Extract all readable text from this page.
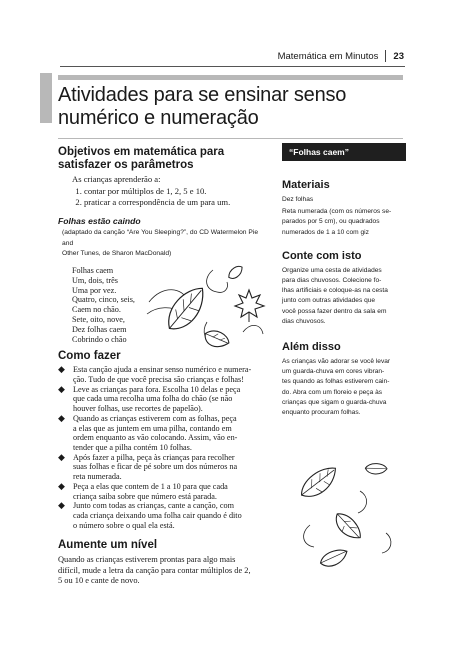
Matemática em Minutos 23
Atividades para se ensinar senso
numérico e numeração
Objetivos em matemática para
satisfazer os parâmetros
As crianças aprenderão a:
1. contar por múltiplos de 1, 2, 5 e 10.
2. praticar a correspondência de um para um.
Folhas estão caindo
(adaptado da canção “Are You Sleeping?”, do CD Watermelon Pie and
Other Tunes, de Sharon MacDonald)
Folhas caem
Um, dois, três
Uma por vez.
Quatro, cinco, seis,
Caem no chão.
Sete, oito, nove,
Dez folhas caem
Cobrindo o chão
Como fazer
◆ Esta canção ajuda a ensinar senso numérico e numera-
ção. Tudo de que você precisa são crianças e folhas!
◆ Leve as crianças para fora. Escolha 10 delas e peça
que cada uma recolha uma folha do chão (se não
houver folhas, use recortes de papelão).
◆ Quando as crianças estiverem com as folhas, peça
a elas que as juntem em uma pilha, contando em
ordem enquanto as vão colocando. Assim, vão en-
tender que a pilha contém 10 folhas.
◆ Após fazer a pilha, peça às crianças para recolher
suas folhas e ficar de pé sobre um dos números na
reta numerada.
◆ Peça a elas que contem de 1 a 10 para que cada
criança saiba sobre que número está parada.
◆ Junto com todas as crianças, cante a canção, com
cada criança deixando uma folha cair quando é dito
o número sobre o qual ela está.
Aumente um nível
Quando as crianças estiverem prontas para algo mais
difícil, mude a letra da canção para contar múltiplos de 2,
5 ou 10 e cante de novo.
“Folhas caem”
Materiais
Dez folhas
Reta numerada (com os números se-
parados por 5 cm), ou quadrados
numerados de 1 a 10 com giz
Conte com isto
Organize uma cesta de atividades
para dias chuvosos. Colecione fo-
lhas artificiais e coloque-as na cesta
junto com outras atividades que
você possa fazer dentro da sala em
dias chuvosos.
Além disso
As crianças vão adorar se você levar
um guarda-chuva em cores vibran-
tes quando as folhas estiverem cain-
do. Abra com um floreio e peça às
crianças que sigam o guarda-chuva
enquanto procuram folhas.
